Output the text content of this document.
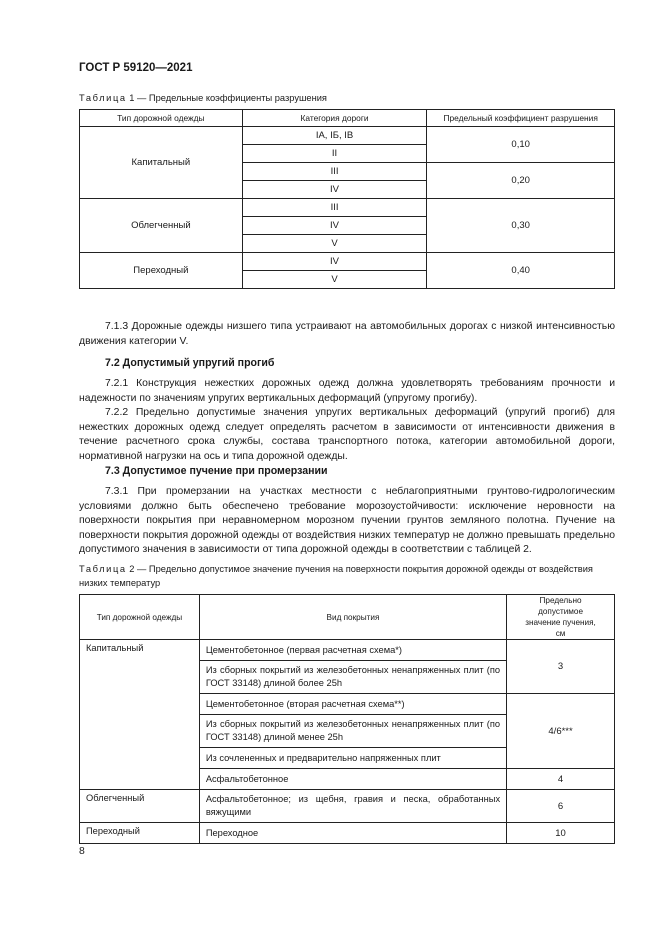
ГОСТ Р 59120—2021
Таблица 1 — Предельные коэффициенты разрушения
Тип дорожной одежды	Категория дороги	Предельный коэффициент разрушения
Капитальный	IA, IБ, IB	0,10
	II	
	III	0,20
	IV	
Облегченный	III	0,30
	IV	
	V	
Переходный	IV	0,40
	V	

7.1.3 Дорожные одежды низшего типа устраивают на автомобильных дорогах с низкой интенсивностью движения категории V.

7.2 Допустимый упругий прогиб

7.2.1 Конструкция нежестких дорожных одежд должна удовлетворять требованиям прочности и надежности по значениям упругих вертикальных деформаций (упругому прогибу).

7.2.2 Предельно допустимые значения упругих вертикальных деформаций (упругий прогиб) для нежестких дорожных одежд следует определять расчетом в зависимости от интенсивности движения в течение расчетного срока службы, состава транспортного потока, категории автомобильной дороги, нормативной нагрузки на ось и типа дорожной одежды.

7.3 Допустимое пучение при промерзании

7.3.1 При промерзании на участках местности с неблагоприятными грунтово-гидрологическим условиями должно быть обеспечено требование морозоустойчивости: исключение неровности на поверхности покрытия при неравномерном морозном пучении грунтов земляного полотна. Пучение на поверхности покрытия дорожной одежды от воздействия низких температур не должно превышать предельно допустимого значения в зависимости от типа дорожной одежды в соответствии с таблицей 2.

Таблица 2 — Предельно допустимое значение пучения на поверхности покрытия дорожной одежды от воздействия низких температур
Тип дорожной одежды	Вид покрытия	Предельно допустимое значение пучения, см
Капитальный	Цементобетонное (первая расчетная схема*)	3
	Из сборных покрытий из железобетонных ненапряженных плит (по ГОСТ 33148) длиной более 25h	
	Цементобетонное (вторая расчетная схема**)	4/6***
	Из сборных покрытий из железобетонных ненапряженных плит (по ГОСТ 33148) длиной менее 25h	
	Из сочлененных и предварительно напряженных плит	
	Асфальтобетонное	4
Облегченный	Асфальтобетонное; из щебня, гравия и песка, обработанных вяжущими	6
Переходный	Переходное	10
8
